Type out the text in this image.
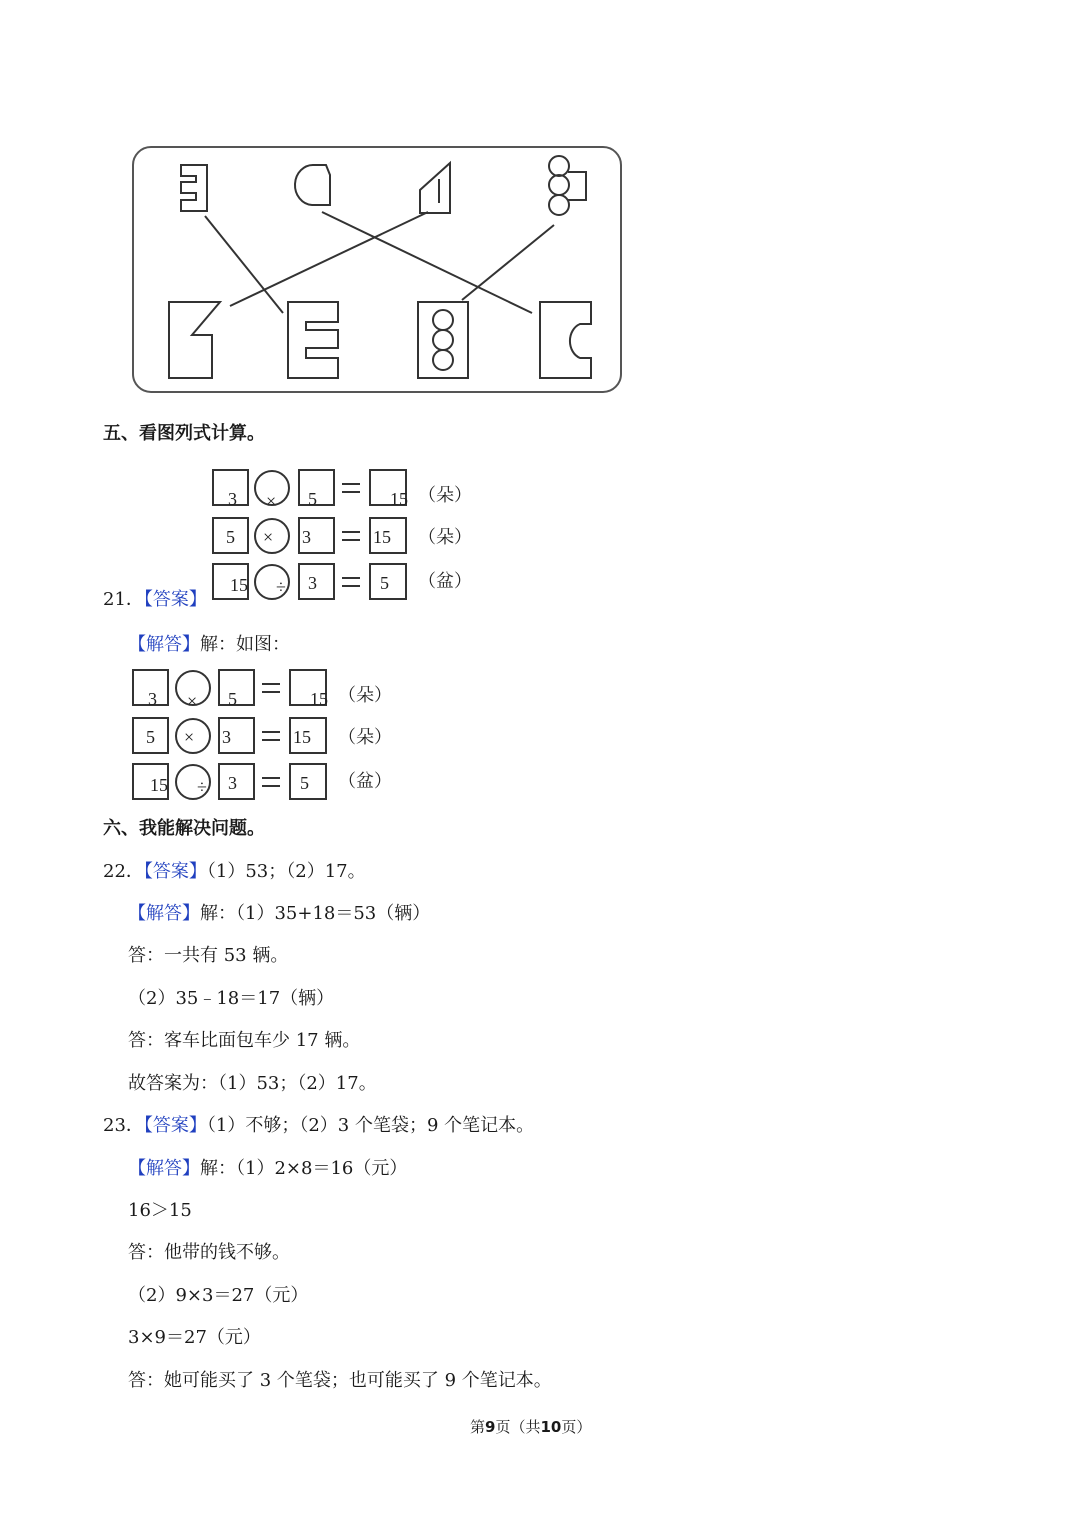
五、看图列式计算。
3 × 5	15 （朵）
5 × 3	15 （朵）
15 ÷ 3	5 （盆）
21．【答案】
【解答】解：如图：
3 × 5	15 （朵）
5 × 3	15 （朵）
15 ÷ 3	5 （盆）
六、我能解决问题。
22．【答案】（1）53；（2）17。
【解答】解：（1）35+18＝53（辆）
答：一共有 53 辆。
（2）35﹣18＝17（辆）
答：客车比面包车少 17 辆。
故答案为：（1）53；（2）17。
23．【答案】（1）不够；（2）3 个笔袋；9 个笔记本。
【解答】解：（1）2×8＝16（元）
16＞15
答：他带的钱不够。
（2）9×3＝27（元）
3×9＝27（元）
答：她可能买了 3 个笔袋；也可能买了 9 个笔记本。
第9页（共10页）
